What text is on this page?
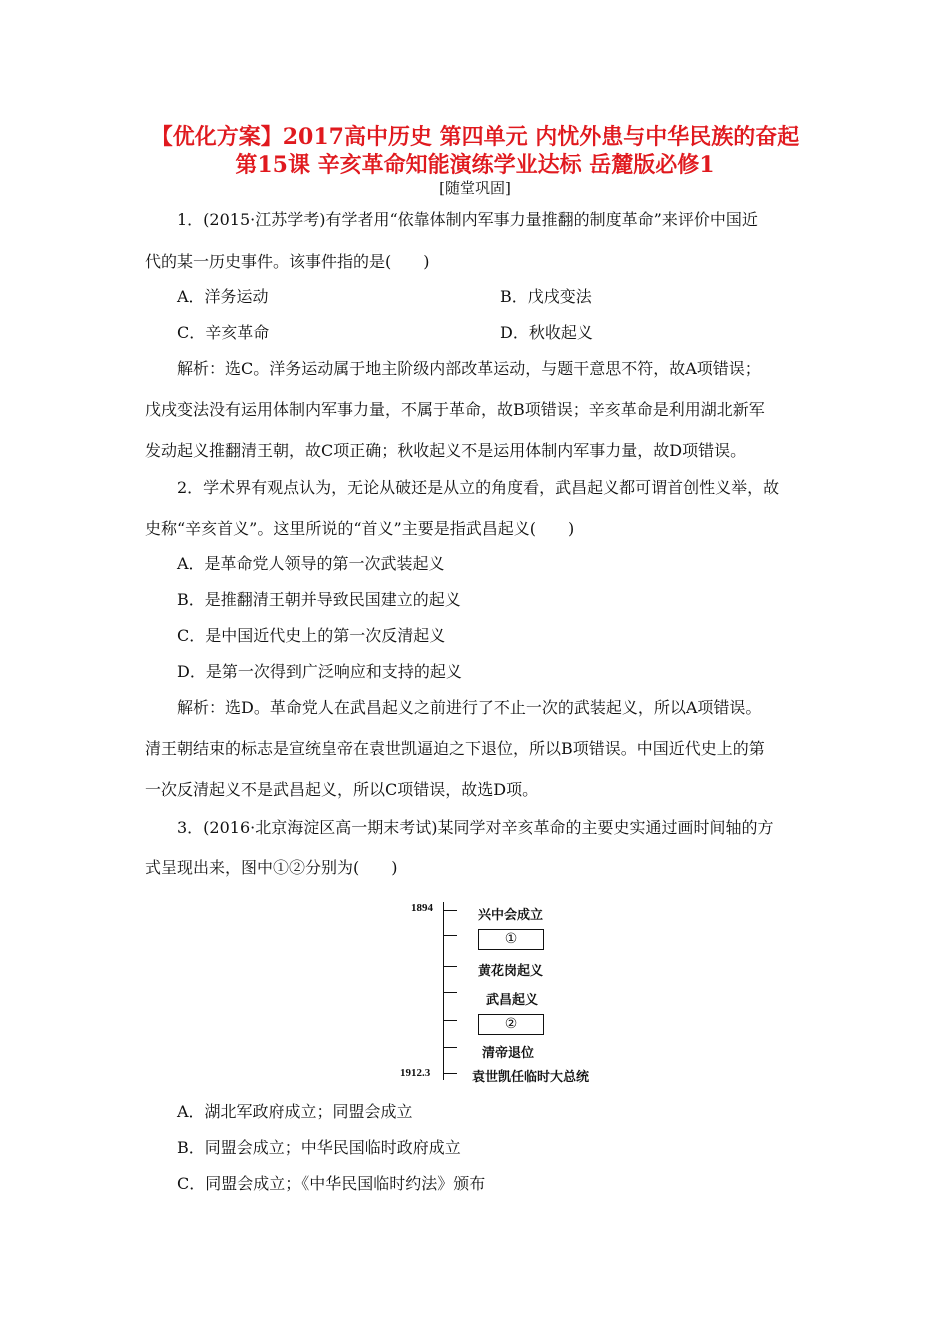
【优化方案】2017高中历史 第四单元 内忧外患与中华民族的奋起
第15课 辛亥革命知能演练学业达标 岳麓版必修1
[随堂巩固]
1．(2015·江苏学考)有学者用“依靠体制内军事力量推翻的制度革命”来评价中国近
代的某一历史事件。该事件指的是(　　)
A．洋务运动	B．戊戌变法
C．辛亥革命	D．秋收起义
解析：选C。洋务运动属于地主阶级内部改革运动，与题干意思不符，故A项错误；
戊戌变法没有运用体制内军事力量，不属于革命，故B项错误；辛亥革命是利用湖北新军
发动起义推翻清王朝，故C项正确；秋收起义不是运用体制内军事力量，故D项错误。
2．学术界有观点认为，无论从破还是从立的角度看，武昌起义都可谓首创性义举，故
史称“辛亥首义”。这里所说的“首义”主要是指武昌起义(　　)
A．是革命党人领导的第一次武装起义
B．是推翻清王朝并导致民国建立的起义
C．是中国近代史上的第一次反清起义
D．是第一次得到广泛响应和支持的起义
解析：选D。革命党人在武昌起义之前进行了不止一次的武装起义，所以A项错误。
清王朝结束的标志是宣统皇帝在袁世凯逼迫之下退位，所以B项错误。中国近代史上的第
一次反清起义不是武昌起义，所以C项错误，故选D项。
3．(2016·北京海淀区高一期末考试)某同学对辛亥革命的主要史实通过画时间轴的方
式呈现出来，图中①②分别为(　　)
1894
1912.3
兴中会成立
①
黄花岗起义
武昌起义
②
清帝退位
袁世凯任临时大总统
A．湖北军政府成立；同盟会成立
B．同盟会成立；中华民国临时政府成立
C．同盟会成立；《中华民国临时约法》颁布
